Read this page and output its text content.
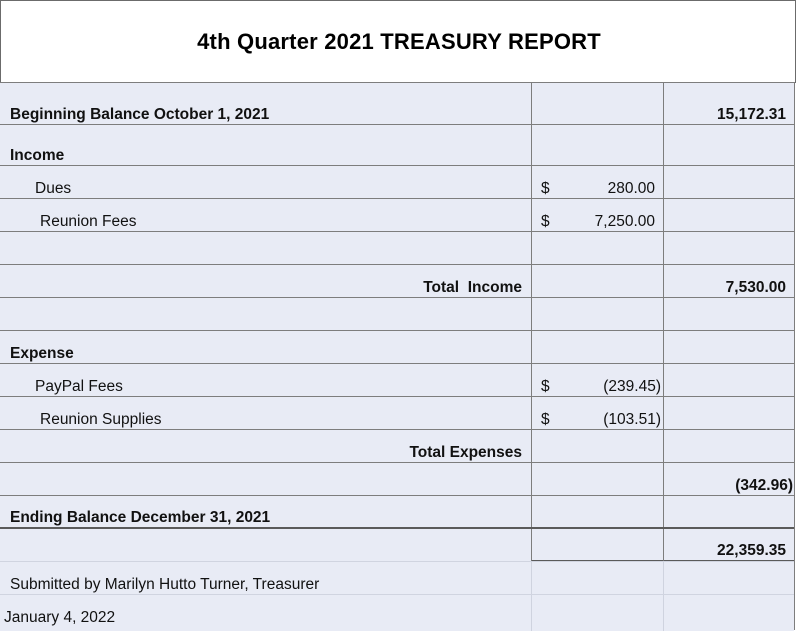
4th Quarter 2021 TREASURY REPORT
Beginning Balance October 1, 2021	15,172.31
Income
Dues	$	280.00
Reunion Fees	$	7,250.00
Total  Income	7,530.00
Expense
PayPal Fees	$	(239.45)
Reunion Supplies	$	(103.51)
Total Expenses
(342.96)
Ending Balance December 31, 2021
22,359.35
Submitted by Marilyn Hutto Turner, Treasurer
January 4, 2022
